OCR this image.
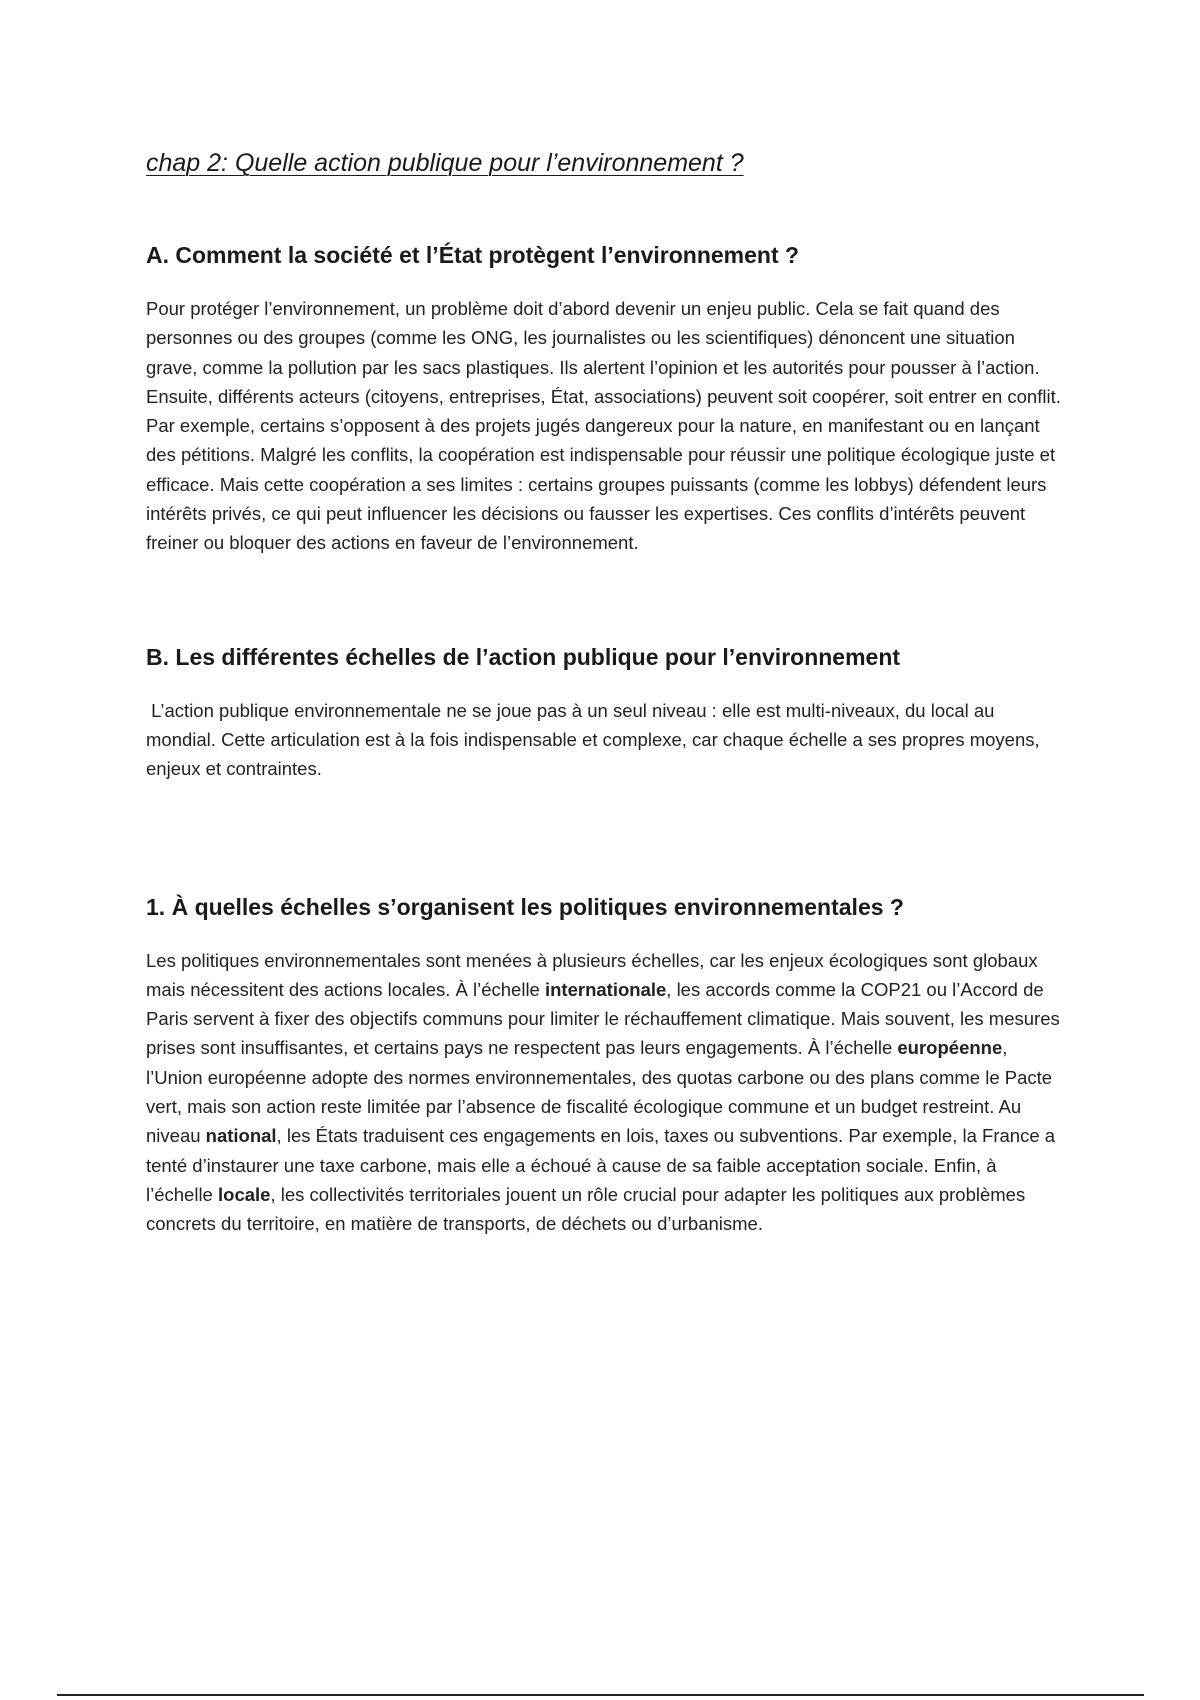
chap 2: Quelle action publique pour l’environnement ?
A. Comment la société et l’État protègent l’environnement ?

Pour protéger l’environnement, un problème doit d’abord devenir un enjeu public. Cela se fait quand des personnes ou des groupes (comme les ONG, les journalistes ou les scientifiques) dénoncent une situation grave, comme la pollution par les sacs plastiques. Ils alertent l’opinion et les autorités pour pousser à l’action. Ensuite, différents acteurs (citoyens, entreprises, État, associations) peuvent soit coopérer, soit entrer en conflit. Par exemple, certains s’opposent à des projets jugés dangereux pour la nature, en manifestant ou en lançant des pétitions. Malgré les conflits, la coopération est indispensable pour réussir une politique écologique juste et efficace. Mais cette coopération a ses limites : certains groupes puissants (comme les lobbys) défendent leurs intérêts privés, ce qui peut influencer les décisions ou fausser les expertises. Ces conflits d’intérêts peuvent freiner ou bloquer des actions en faveur de l’environnement.

B. Les différentes échelles de l’action publique pour l’environnement

L’action publique environnementale ne se joue pas à un seul niveau : elle est multi-niveaux, du local au mondial. Cette articulation est à la fois indispensable et complexe, car chaque échelle a ses propres moyens, enjeux et contraintes.

1. À quelles échelles s’organisent les politiques environnementales ?

Les politiques environnementales sont menées à plusieurs échelles, car les enjeux écologiques sont globaux mais nécessitent des actions locales. À l’échelle internationale, les accords comme la COP21 ou l’Accord de Paris servent à fixer des objectifs communs pour limiter le réchauffement climatique. Mais souvent, les mesures prises sont insuffisantes, et certains pays ne respectent pas leurs engagements. À l’échelle européenne, l’Union européenne adopte des normes environnementales, des quotas carbone ou des plans comme le Pacte vert, mais son action reste limitée par l’absence de fiscalité écologique commune et un budget restreint. Au niveau national, les États traduisent ces engagements en lois, taxes ou subventions. Par exemple, la France a tenté d’instaurer une taxe carbone, mais elle a échoué à cause de sa faible acceptation sociale. Enfin, à l’échelle locale, les collectivités territoriales jouent un rôle crucial pour adapter les politiques aux problèmes concrets du territoire, en matière de transports, de déchets ou d’urbanisme.
